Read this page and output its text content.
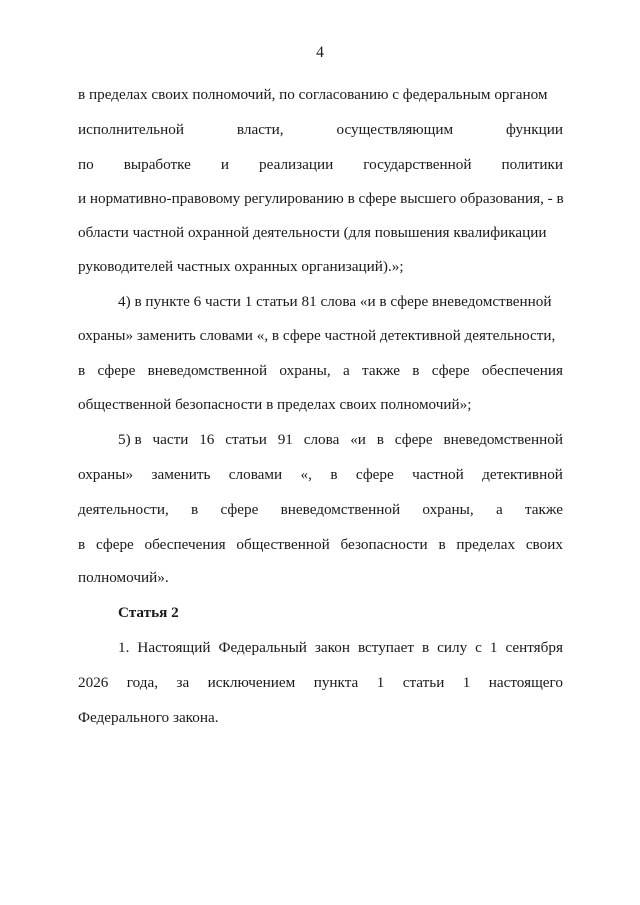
4
в пределах своих полномочий, по согласованию с федеральным органом
исполнительной	власти,	осуществляющим	функции
по выработке и реализации государственной политики
и нормативно-правовому регулированию в сфере высшего образования, - в
области частной охранной деятельности (для повышения квалификации
руководителей частных охранных организаций).»;
4) в пункте 6 части 1 статьи 81 слова «и в сфере вневедомственной
охраны» заменить словами «, в сфере частной детективной деятельности,
в сфере вневедомственной охраны, а также в сфере обеспечения
общественной безопасности в пределах своих полномочий»;
5) в части 16 статьи 91 слова «и в сфере вневедомственной
охраны» заменить словами «, в сфере частной детективной
деятельности, в сфере вневедомственной охраны, а также
в сфере обеспечения общественной безопасности в пределах своих
полномочий».
Статья 2
1. Настоящий Федеральный закон вступает в силу с 1 сентября
2026 года, за исключением пункта 1 статьи 1 настоящего
Федерального закона.
